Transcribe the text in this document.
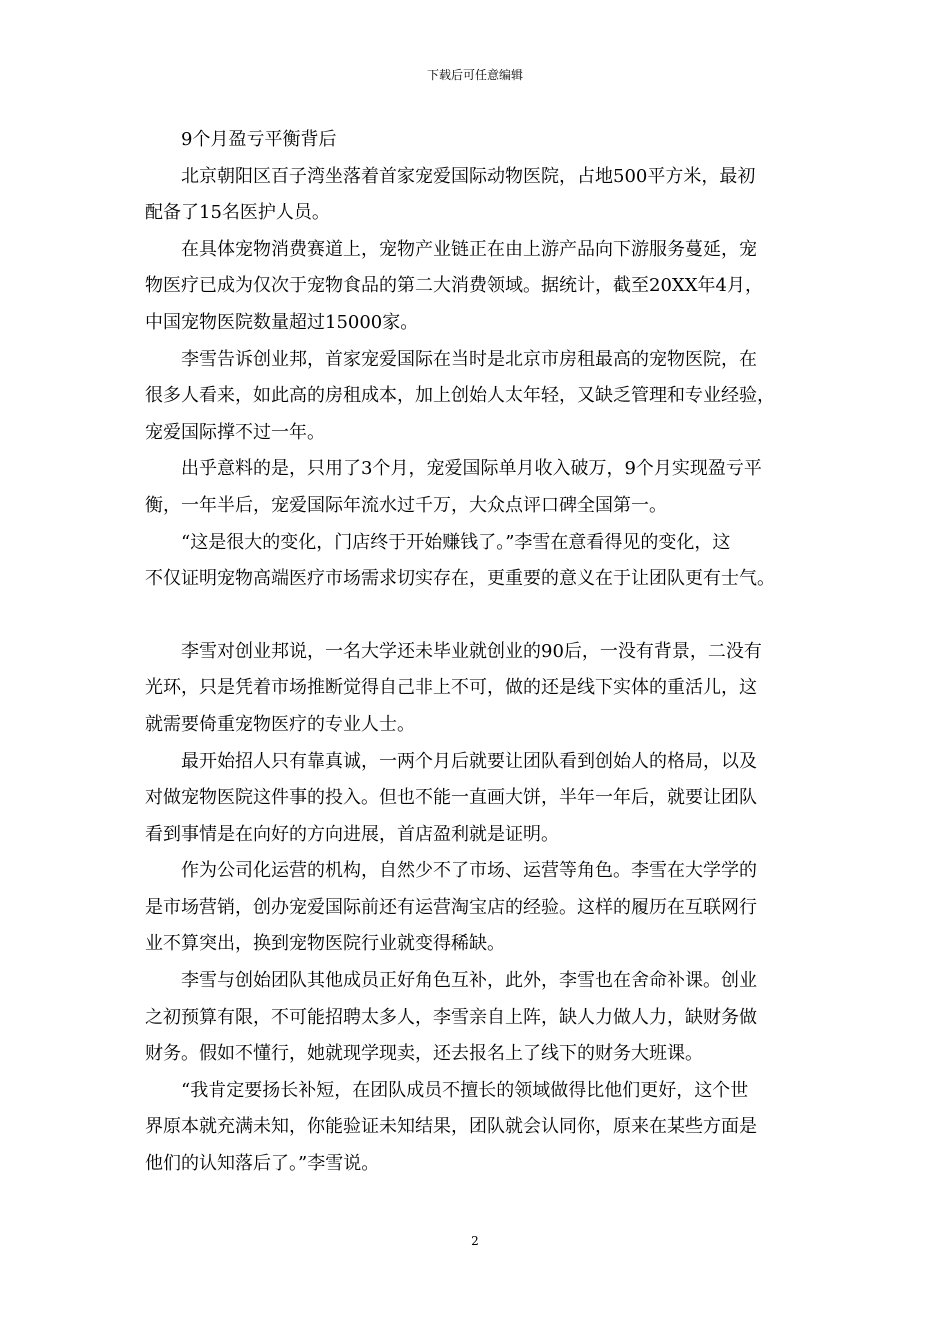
下载后可任意编辑

9个月盈亏平衡背后

北京朝阳区百子湾坐落着首家宠爱国际动物医院，占地500平方米，最初
配备了15名医护人员。

在具体宠物消费赛道上，宠物产业链正在由上游产品向下游服务蔓延，宠
物医疗已成为仅次于宠物食品的第二大消费领域。据统计，截至20XX年4月，
中国宠物医院数量超过15000家。

李雪告诉创业邦，首家宠爱国际在当时是北京市房租最高的宠物医院，在
很多人看来，如此高的房租成本，加上创始人太年轻，又缺乏管理和专业经验，
宠爱国际撑不过一年。

出乎意料的是，只用了3个月，宠爱国际单月收入破万，9个月实现盈亏平
衡，一年半后，宠爱国际年流水过千万，大众点评口碑全国第一。

“这是很大的变化，门店终于开始赚钱了。”李雪在意看得见的变化，这
不仅证明宠物高端医疗市场需求切实存在，更重要的意义在于让团队更有士气。

李雪对创业邦说，一名大学还未毕业就创业的90后，一没有背景，二没有
光环，只是凭着市场推断觉得自己非上不可，做的还是线下实体的重活儿，这
就需要倚重宠物医疗的专业人士。

最开始招人只有靠真诚，一两个月后就要让团队看到创始人的格局，以及
对做宠物医院这件事的投入。但也不能一直画大饼，半年一年后，就要让团队
看到事情是在向好的方向进展，首店盈利就是证明。

作为公司化运营的机构，自然少不了市场、运营等角色。李雪在大学学的
是市场营销，创办宠爱国际前还有运营淘宝店的经验。这样的履历在互联网行
业不算突出，换到宠物医院行业就变得稀缺。

李雪与创始团队其他成员正好角色互补，此外，李雪也在舍命补课。创业
之初预算有限，不可能招聘太多人，李雪亲自上阵，缺人力做人力，缺财务做
财务。假如不懂行，她就现学现卖，还去报名上了线下的财务大班课。

“我肯定要扬长补短，在团队成员不擅长的领域做得比他们更好，这个世
界原本就充满未知，你能验证未知结果，团队就会认同你，原来在某些方面是
他们的认知落后了。”李雪说。

2
